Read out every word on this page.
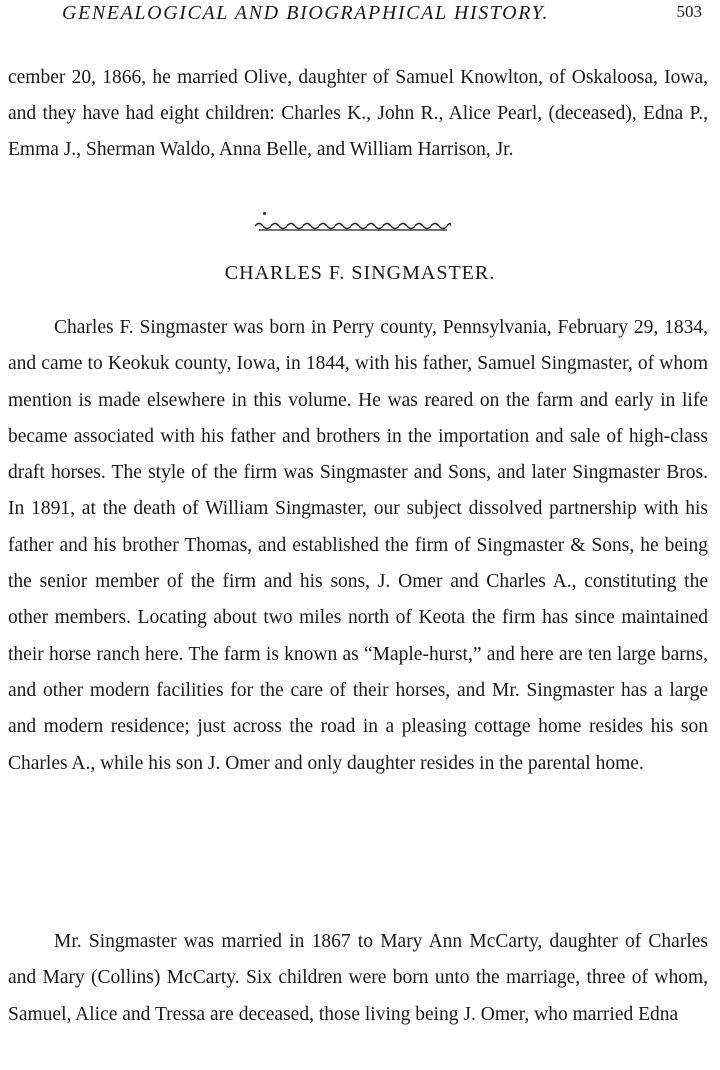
GENEALOGICAL AND BIOGRAPHICAL HISTORY.	503

cember 20, 1866, he married Olive, daughter of Samuel Knowlton, of Oskaloosa, Iowa, and they have had eight children: Charles K., John R., Alice Pearl, (deceased), Edna P., Emma J., Sherman Waldo, Anna Belle, and William Harrison, Jr.

CHARLES F. SINGMASTER.

Charles F. Singmaster was born in Perry county, Pennsylvania, February 29, 1834, and came to Keokuk county, Iowa, in 1844, with his father, Samuel Singmaster, of whom mention is made elsewhere in this volume. He was reared on the farm and early in life became associated with his father and brothers in the importation and sale of high-class draft horses. The style of the firm was Singmaster and Sons, and later Singmaster Bros. In 1891, at the death of William Singmaster, our subject dissolved partnership with his father and his brother Thomas, and established the firm of Singmaster & Sons, he being the senior member of the firm and his sons, J. Omer and Charles A., constituting the other members. Locating about two miles north of Keota the firm has since maintained their horse ranch here. The farm is known as “Maple-hurst,” and here are ten large barns, and other modern facilities for the care of their horses, and Mr. Singmaster has a large and modern residence; just across the road in a pleasing cottage home resides his son Charles A., while his son J. Omer and only daughter resides in the parental home.

Mr. Singmaster was married in 1867 to Mary Ann McCarty, daughter of Charles and Mary (Collins) McCarty. Six children were born unto the marriage, three of whom, Samuel, Alice and Tressa are deceased, those living being J. Omer, who married Edna
